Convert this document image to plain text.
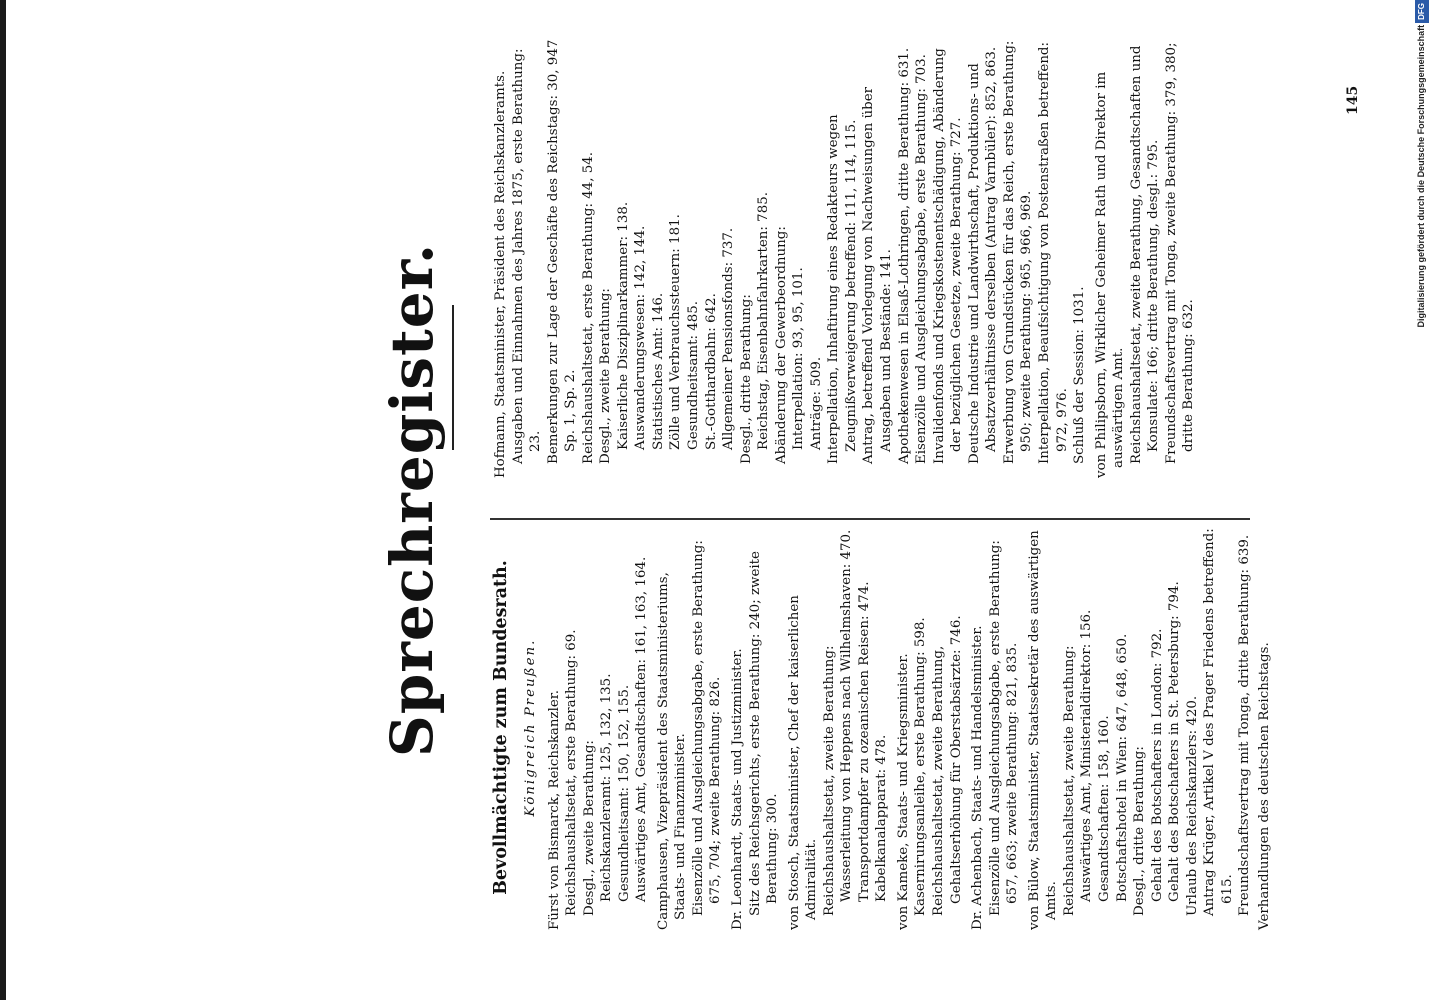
Sprechregister.	Bevollmächtigte zum Bundesrath. Königreich Preußen. Fürst von Bismarck, Reichskanzler. Reichshaushaltsetat, erste Berathung: 69. Desgl., zweite Berathung: Reichskanzleramt: 125, 132, 135. Gesundheitsamt: 150, 152, 155. Auswärtiges Amt, Gesandtschaften: 161, 163, 164. Camphausen, Vizepräsident des Staatsministeriums, Staats- und Finanzminister. Eisenzölle und Ausgleichungsabgabe, erste Berathung: 675, 704; zweite Berathung: 826. Dr. Leonhardt, Staats- und Justizminister. Sitz des Reichsgerichts, erste Berathung: 240; zweite Berathung: 300. von Stosch, Staatsminister, Chef der kaiserlichen Admiralität. Reichshaushaltsetat, zweite Berathung: Wasserleitung von Heppens nach Wilhelmshaven: 470. Transportdampfer zu ozeanischen Reisen: 474. Kabelkanalapparat: 478. von Kameke, Staats- und Kriegsminister. Kasernirungsanleihe, erste Berathung: 598. Reichshaushaltsetat, zweite Berathung, Gehaltserhöhung für Oberstabsärzte: 746. Dr. Achenbach, Staats- und Handelsminister. Eisenzölle und Ausgleichungsabgabe, erste Berathung: 657, 663; zweite Berathung: 821, 835. von Bülow, Staatsminister, Staatssekretär des auswärtigen Amts. Reichshaushaltsetat, zweite Berathung: Auswärtiges Amt, Ministerialdirektor: 156. Gesandtschaften: 158, 160. Botschaftshotel in Wien: 647, 648, 650. Desgl., dritte Berathung: Gehalt des Botschafters in London: 792. Gehalt des Botschafters in St. Petersburg: 794. Urlaub des Reichskanzlers: 420. Antrag Krüger, Artikel V des Prager Friedens betreffend: 615. Freundschaftsvertrag mit Tonga, dritte Berathung: 639. Verhandlungen des deutschen Reichstags.
Hofmann, Staatsminister, Präsident des Reichskanzleramts. Ausgaben und Einnahmen des Jahres 1875, erste Berathung: 23. Bemerkungen zur Lage der Geschäfte des Reichstags: 30, 947 Sp. 1, Sp. 2. Reichshaushaltsetat, erste Berathung: 44, 54. Desgl., zweite Berathung: Kaiserliche Disziplinarkammer: 138. Auswanderungswesen: 142, 144. Statistisches Amt: 146. Zölle und Verbrauchssteuern: 181. Gesundheitsamt: 485. St.-Gotthardbahn: 642. Allgemeiner Pensionsfonds: 737. Desgl., dritte Berathung: Reichstag, Eisenbahnfahrkarten: 785. Abänderung der Gewerbeordnung: Interpellation: 93, 95, 101. Anträge: 509. Interpellation, Inhaftirung eines Redakteurs wegen Zeugnißverweigerung betreffend: 111, 114, 115. Antrag, betreffend Vorlegung von Nachweisungen über Ausgaben und Bestände: 141. Apothekenwesen in Elsaß-Lothringen, dritte Berathung: 631. Eisenzölle und Ausgleichungsabgabe, erste Berathung: 703. Invalidenfonds und Kriegskostenentschädigung, Abänderung der bezüglichen Gesetze, zweite Berathung: 727. Deutsche Industrie und Landwirthschaft, Produktions- und Absatzverhältnisse derselben (Antrag Varnbüler): 852, 863. Erwerbung von Grundstücken für das Reich, erste Berathung: 950; zweite Berathung: 965, 966, 969. Interpellation, Beaufsichtigung von Postenstraßen betreffend: 972, 976. Schluß der Session: 1031. von Philipsborn, Wirklicher Geheimer Rath und Direktor im auswärtigen Amt. Reichshaushaltsetat, zweite Berathung, Gesandtschaften und Konsulate: 166; dritte Berathung, desgl.: 795. Freundschaftsvertrag mit Tonga, zweite Berathung: 379, 380; dritte Berathung: 632.
145	Digitalisierung gefördert durch die Deutsche ForschungsgemeinschaftDFG
